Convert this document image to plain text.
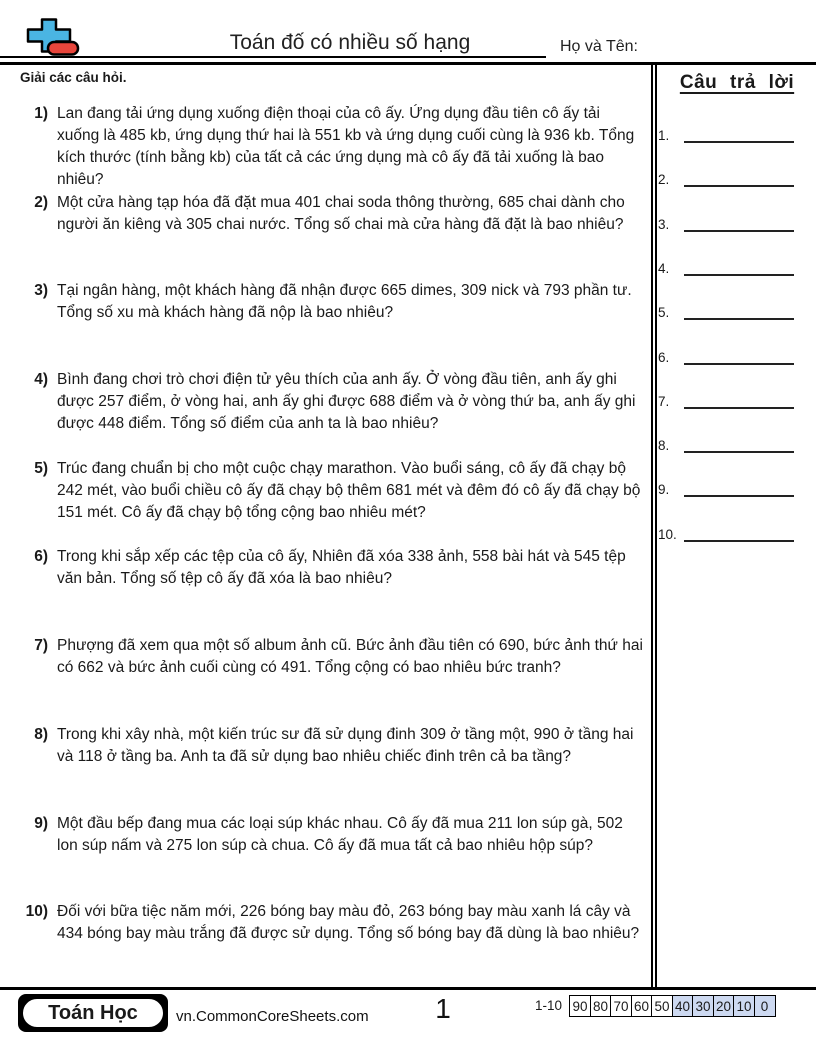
Toán đố có nhiều số hạng	Họ và Tên:
Giải các câu hỏi.
1) Lan đang tải ứng dụng xuống điện thoại của cô ấy. Ứng dụng đầu tiên cô ấy tải xuống là 485 kb, ứng dụng thứ hai là 551 kb và ứng dụng cuối cùng là 936 kb. Tổng kích thước (tính bằng kb) của tất cả các ứng dụng mà cô ấy đã tải xuống là bao nhiêu?
2) Một cửa hàng tạp hóa đã đặt mua 401 chai soda thông thường, 685 chai dành cho người ăn kiêng và 305 chai nước. Tổng số chai mà cửa hàng đã đặt là bao nhiêu?
3) Tại ngân hàng, một khách hàng đã nhận được 665 dimes, 309 nick và 793 phần tư. Tổng số xu mà khách hàng đã nộp là bao nhiêu?
4) Bình đang chơi trò chơi điện tử yêu thích của anh ấy. Ở vòng đầu tiên, anh ấy ghi được 257 điểm, ở vòng hai, anh ấy ghi được 688 điểm và ở vòng thứ ba, anh ấy ghi được 448 điểm. Tổng số điểm của anh ta là bao nhiêu?
5) Trúc đang chuẩn bị cho một cuộc chạy marathon. Vào buổi sáng, cô ấy đã chạy bộ 242 mét, vào buổi chiều cô ấy đã chạy bộ thêm 681 mét và đêm đó cô ấy đã chạy bộ 151 mét. Cô ấy đã chạy bộ tổng cộng bao nhiêu mét?
6) Trong khi sắp xếp các tệp của cô ấy, Nhiên đã xóa 338 ảnh, 558 bài hát và 545 tệp văn bản. Tổng số tệp cô ấy đã xóa là bao nhiêu?
7) Phượng đã xem qua một số album ảnh cũ. Bức ảnh đầu tiên có 690, bức ảnh thứ hai có 662 và bức ảnh cuối cùng có 491. Tổng cộng có bao nhiêu bức tranh?
8) Trong khi xây nhà, một kiến trúc sư đã sử dụng đinh 309 ở tầng một, 990 ở tầng hai và 118 ở tầng ba. Anh ta đã sử dụng bao nhiêu chiếc đinh trên cả ba tầng?
9) Một đầu bếp đang mua các loại súp khác nhau. Cô ấy đã mua 211 lon súp gà, 502 lon súp nấm và 275 lon súp cà chua. Cô ấy đã mua tất cả bao nhiêu hộp súp?
10) Đối với bữa tiệc năm mới, 226 bóng bay màu đỏ, 263 bóng bay màu xanh lá cây và 434 bóng bay màu trắng đã được sử dụng. Tổng số bóng bay đã dùng là bao nhiêu?
Câu trả lời
1.
2.
3.
4.
5.
6.
7.
8.
9.
10.
Toán Học	vn.CommonCoreSheets.com	1	1-10 90 80 70 60 50 40 30 20 10 0
